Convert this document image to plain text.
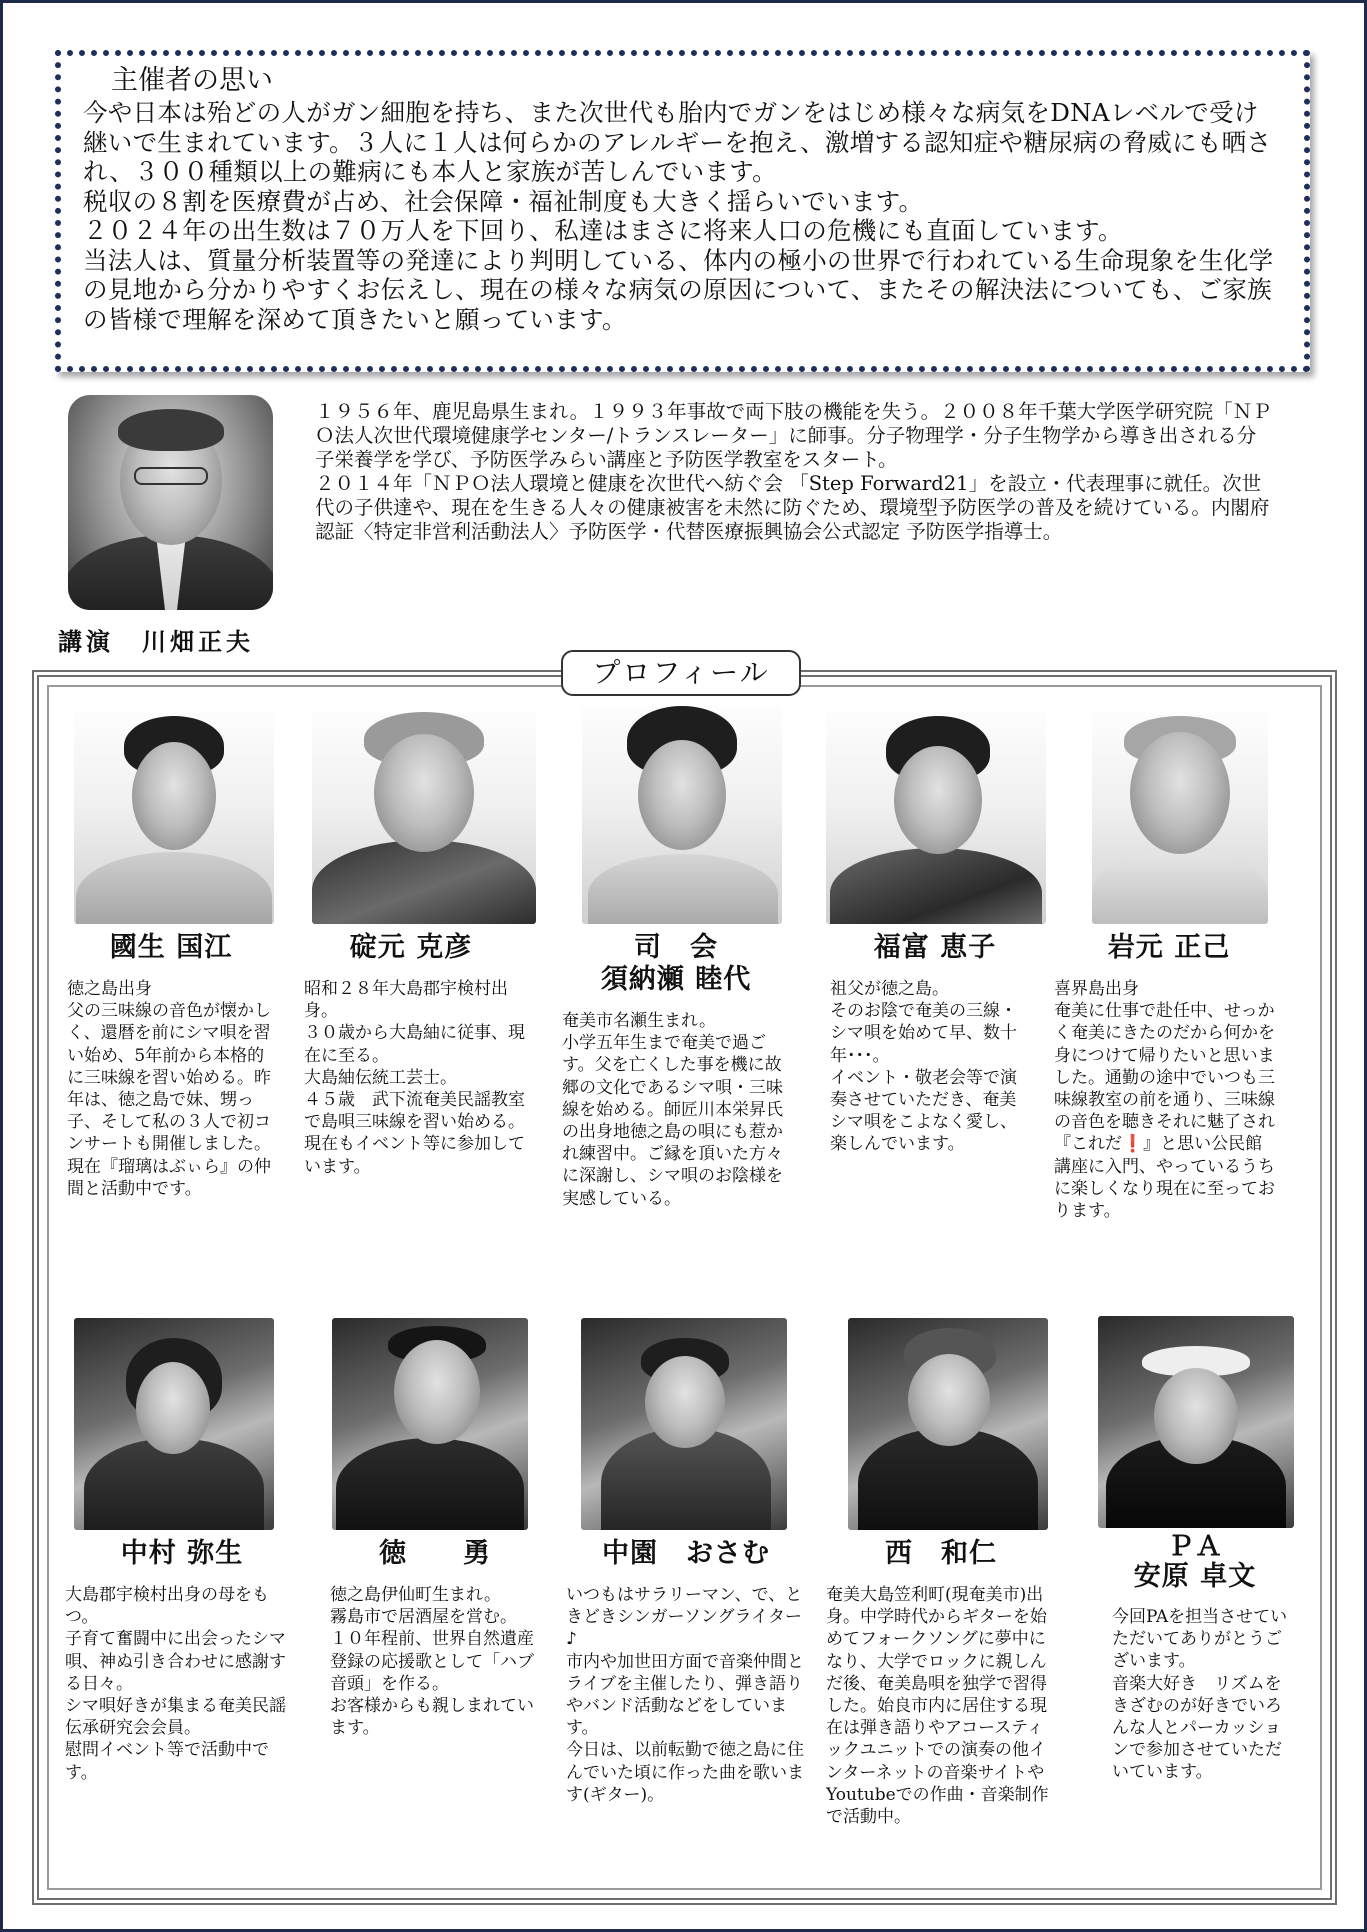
主催者の思い
今や日本は殆どの人がガン細胞を持ち、また次世代も胎内でガンをはじめ様々な病気をDNAレベルで受け継いで生まれています。３人に１人は何らかのアレルギーを抱え、激増する認知症や糖尿病の脅威にも晒され、３００種類以上の難病にも本人と家族が苦しんでいます。
税収の８割を医療費が占め、社会保障・福祉制度も大きく揺らいでいます。
２０２４年の出生数は７０万人を下回り、私達はまさに将来人口の危機にも直面しています。
当法人は、質量分析装置等の発達により判明している、体内の極小の世界で行われている生命現象を生化学の見地から分かりやすくお伝えし、現在の様々な病気の原因について、またその解決法についても、ご家族の皆様で理解を深めて頂きたいと願っています。
講演　川畑正夫

１９５６年、鹿児島県生まれ。１９９３年事故で両下肢の機能を失う。２００８年千葉大学医学研究院「ＮＰＯ法人次世代環境健康学センター/トランスレーター」に師事。分子物理学・分子生物学から導き出される分子栄養学を学び、予防医学みらい講座と予防医学教室をスタート。

２０１４年「ＮＰＯ法人環境と健康を次世代へ紡ぐ会 「Step Forward21」を設立・代表理事に就任。次世代の子供達や、現在を生きる人々の健康被害を未然に防ぐため、環境型予防医学の普及を続けている。内閣府認証〈特定非営利活動法人〉予防医学・代替医療振興協会公式認定 予防医学指導士。

プロフィール
國生 国江
徳之島出身
父の三味線の音色が懐かしく、還暦を前にシマ唄を習い始め、5年前から本格的に三味線を習い始める。昨年は、徳之島で妹、甥っ子、そして私の３人で初コンサートも開催しました。現在『瑠璃はぶぃら』の仲間と活動中です。
碇元 克彦
昭和２８年大島郡宇検村出身。
３０歳から大島紬に従事、現在に至る。
大島紬伝統工芸士。
４５歳　武下流奄美民謡教室で島唄三味線を習い始める。現在もイベント等に参加しています。
司　会
須納瀬 睦代
奄美市名瀬生まれ。
小学五年生まで奄美で過ごす。父を亡くした事を機に故郷の文化であるシマ唄・三味線を始める。師匠川本栄昇氏の出身地徳之島の唄にも惹かれ練習中。ご縁を頂いた方々に深謝し、シマ唄のお陰様を実感している。
福富 恵子
祖父が徳之島。
そのお陰で奄美の三線・シマ唄を始めて早、数十年･･･。
イベント・敬老会等で演奏させていただき、奄美シマ唄をこよなく愛し、楽しんでいます。
岩元 正己
喜界島出身
奄美に仕事で赴任中、せっかく奄美にきたのだから何かを身につけて帰りたいと思いました。通勤の途中でいつも三味線教室の前を通り、三味線の音色を聴きそれに魅了され『これだ❗』と思い公民館講座に入門、やっているうちに楽しくなり現在に至っております。
中村 弥生
大島郡宇検村出身の母をもつ。
子育て奮闘中に出会ったシマ唄、神ぬ引き合わせに感謝する日々。
シマ唄好きが集まる奄美民謡伝承研究会会員。
慰問イベント等で活動中です。
徳　　勇
徳之島伊仙町生まれ。
霧島市で居酒屋を営む。
１０年程前、世界自然遺産登録の応援歌として「ハブ音頭」を作る。
お客様からも親しまれています。
中園　おさむ
いつもはサラリーマン、で、ときどきシンガーソングライター♪
市内や加世田方面で音楽仲間とライブを主催したり、弾き語りやバンド活動などをしています。
今日は、以前転勤で徳之島に住んでいた頃に作った曲を歌います(ギター)。
西　和仁
奄美大島笠利町(現奄美市)出身。中学時代からギターを始めてフォークソングに夢中になり、大学でロックに親しんだ後、奄美島唄を独学で習得した。始良市内に居住する現在は弾き語りやアコースティックユニットでの演奏の他インターネットの音楽サイトやYoutubeでの作曲・音楽制作で活動中。
ＰＡ
安原 卓文
今回PAを担当させていただいてありがとうございます。
音楽大好き　リズムをきざむのが好きでいろんな人とパーカッションで参加させていただいています。
